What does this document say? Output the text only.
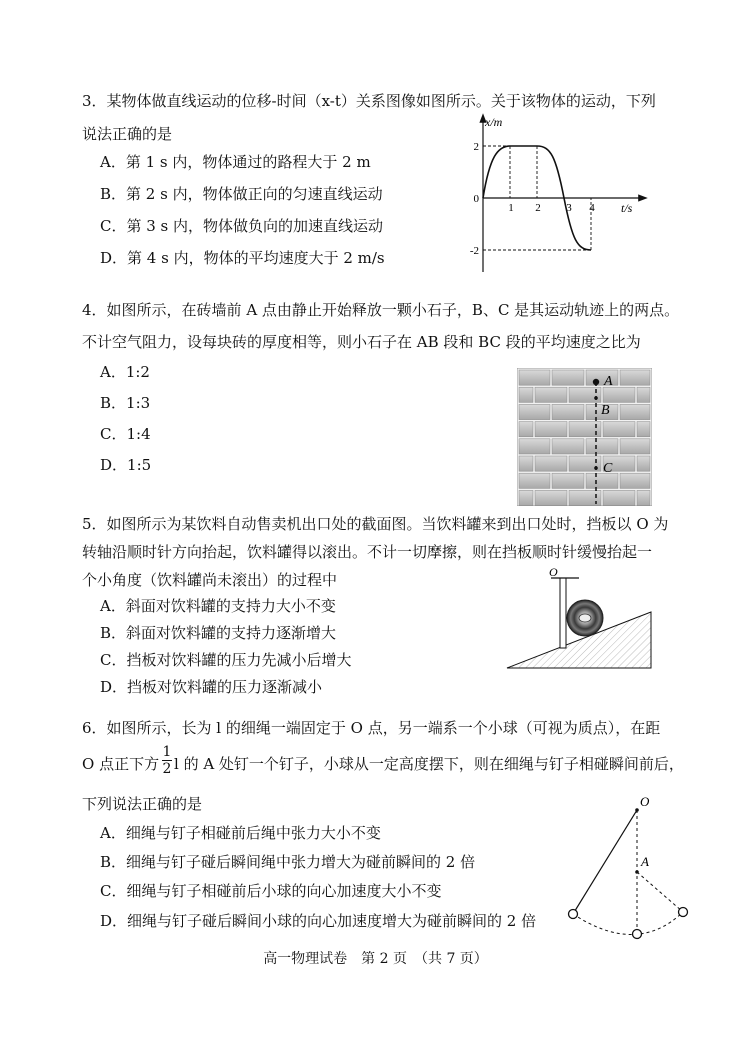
3．某物体做直线运动的位移-时间（x-t）关系图像如图所示。关于该物体的运动，下列
说法正确的是
A．第 1 s 内，物体通过的路程大于 2 m
B．第 2 s 内，物体做正向的匀速直线运动
C．第 3 s 内，物体做负向的加速直线运动
D．第 4 s 内，物体的平均速度大于 2 m/s
x/m
t/s
2
0
-2
1 2 3 4
4．如图所示，在砖墙前 A 点由静止开始释放一颗小石子，B、C 是其运动轨迹上的两点。
不计空气阻力，设每块砖的厚度相等，则小石子在 AB 段和 BC 段的平均速度之比为
A．1:2
B．1:3
C．1:4
D．1:5
A
B
C
5．如图所示为某饮料自动售卖机出口处的截面图。当饮料罐来到出口处时，挡板以 O 为
转轴沿顺时针方向抬起，饮料罐得以滚出。不计一切摩擦，则在挡板顺时针缓慢抬起一
个小角度（饮料罐尚未滚出）的过程中
A．斜面对饮料罐的支持力大小不变
B．斜面对饮料罐的支持力逐渐增大
C．挡板对饮料罐的压力先减小后增大
D．挡板对饮料罐的压力逐渐减小
O
6．如图所示，长为 l 的细绳一端固定于 O 点，另一端系一个小球（可视为质点），在距
O 点正下方 $\frac{1}{2}$ l 的 A 处钉一个钉子，小球从一定高度摆下，则在细绳与钉子相碰瞬间前后，
下列说法正确的是
A．细绳与钉子相碰前后绳中张力大小不变
B．细绳与钉子碰后瞬间绳中张力增大为碰前瞬间的 2 倍
C．细绳与钉子相碰前后小球的向心加速度大小不变
D．细绳与钉子碰后瞬间小球的向心加速度增大为碰前瞬间的 2 倍
O
A
高一物理试卷　第 2 页　（共 7 页）
